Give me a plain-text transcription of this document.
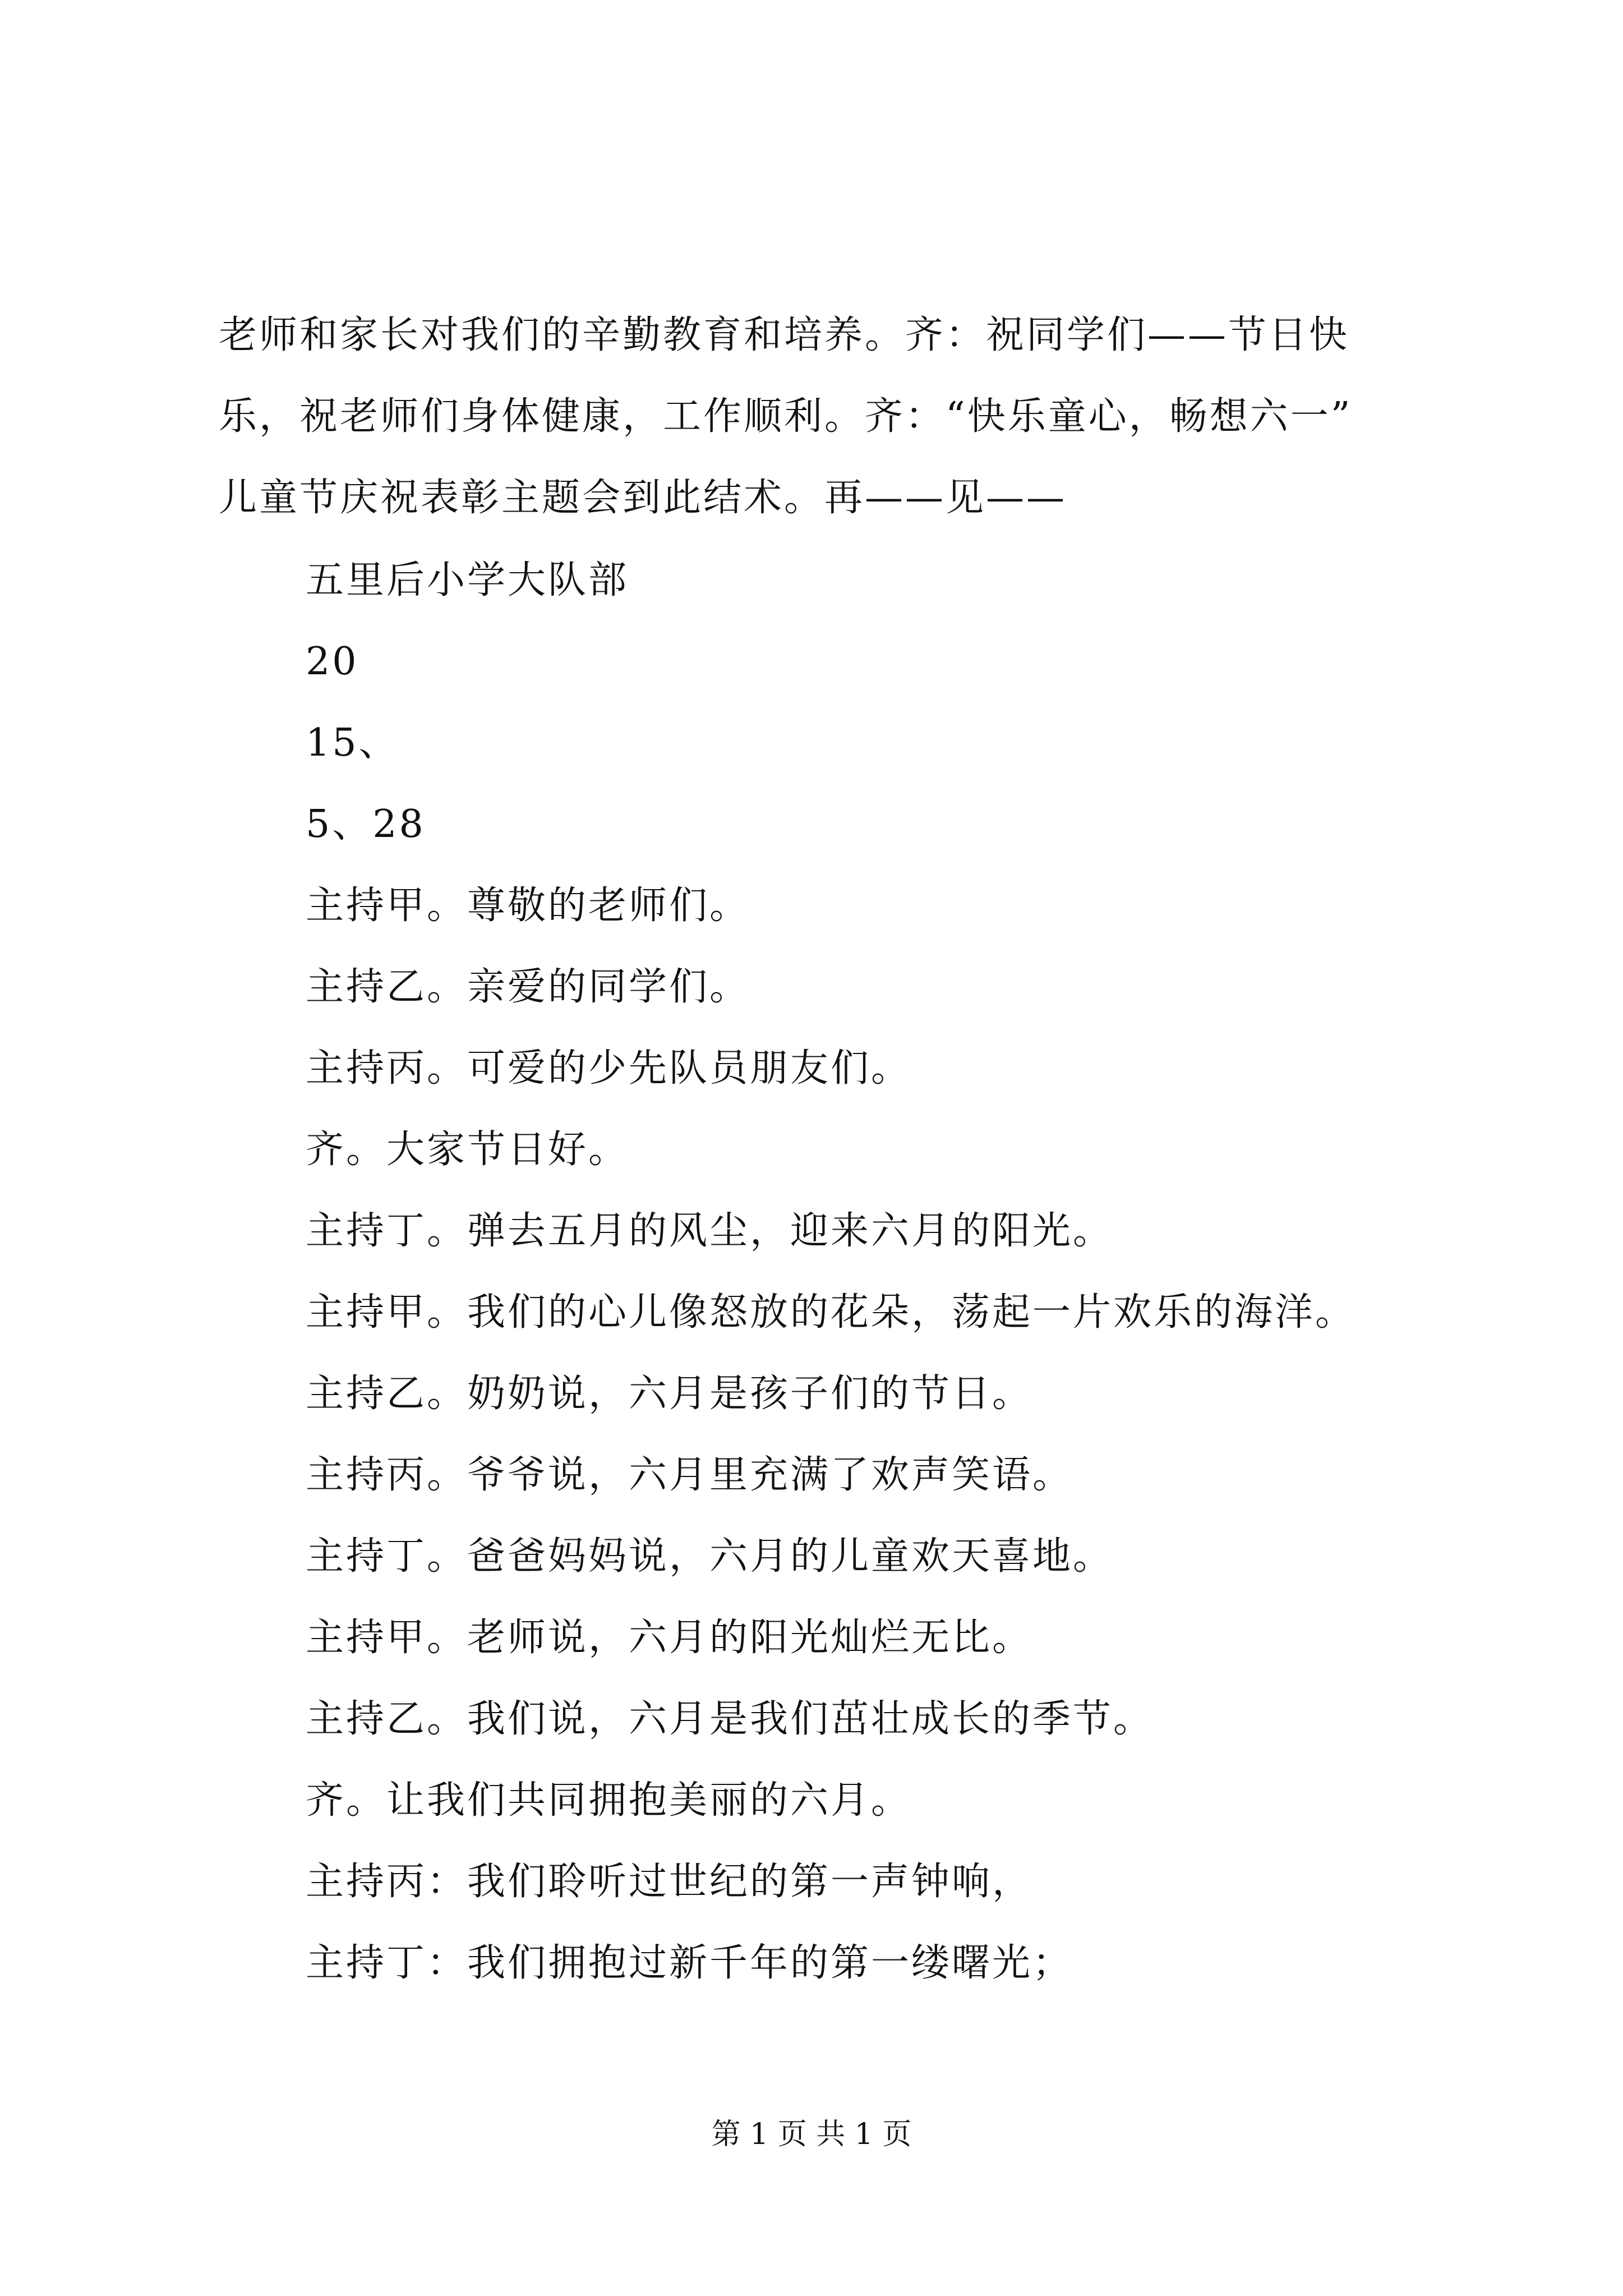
老师和家长对我们的辛勤教育和培养。齐：祝同学们——节日快
乐，祝老师们身体健康，工作顺利。齐：“快乐童心，畅想六一”
儿童节庆祝表彰主题会到此结术。再——见——
五里后小学大队部
20
15、
5、28
主持甲。尊敬的老师们。
主持乙。亲爱的同学们。
主持丙。可爱的少先队员朋友们。
齐。大家节日好。
主持丁。弹去五月的风尘，迎来六月的阳光。
主持甲。我们的心儿像怒放的花朵，荡起一片欢乐的海洋。
主持乙。奶奶说，六月是孩子们的节日。
主持丙。爷爷说，六月里充满了欢声笑语。
主持丁。爸爸妈妈说，六月的儿童欢天喜地。
主持甲。老师说，六月的阳光灿烂无比。
主持乙。我们说，六月是我们茁壮成长的季节。
齐。让我们共同拥抱美丽的六月。
主持丙：我们聆听过世纪的第一声钟响，
主持丁：我们拥抱过新千年的第一缕曙光；
第 1 页 共 1 页
